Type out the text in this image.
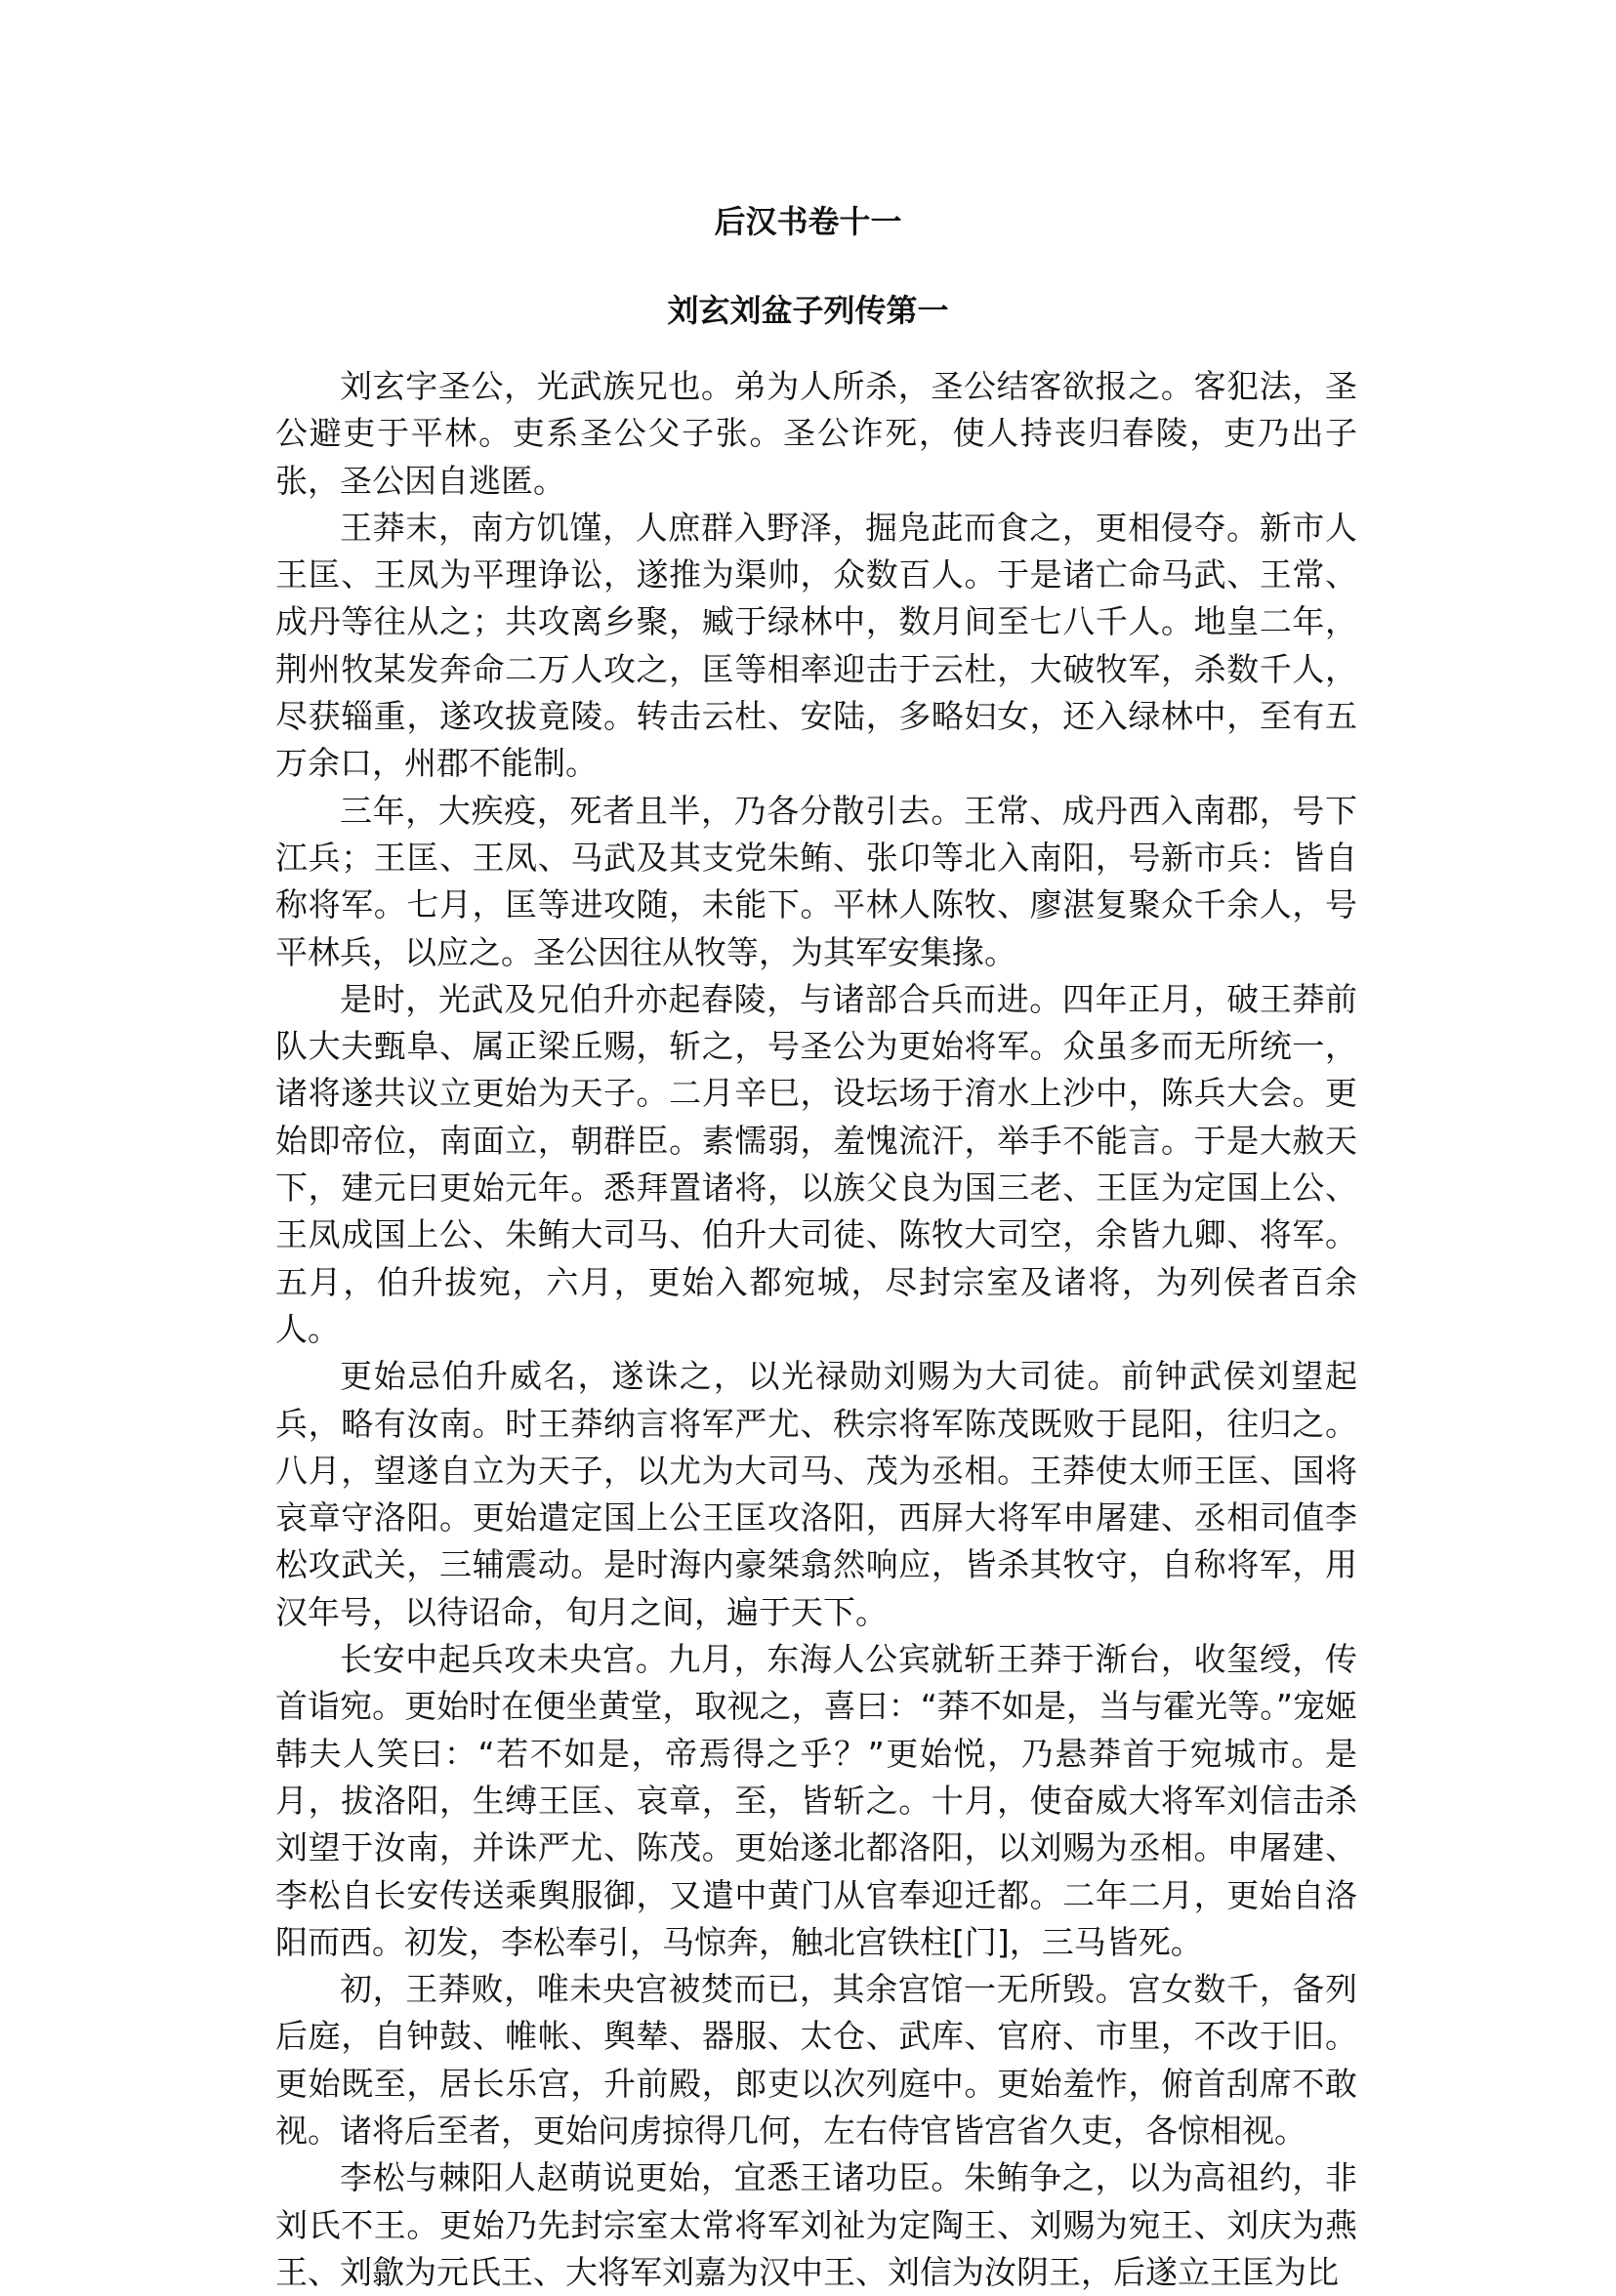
后汉书卷十一
刘玄刘盆子列传第一

刘玄字圣公，光武族兄也。弟为人所杀，圣公结客欲报之。客犯法，圣公避吏于平林。吏系圣公父子张。圣公诈死，使人持丧归春陵，吏乃出子张，圣公因自逃匿。

王莽末，南方饥馑，人庶群入野泽，掘凫茈而食之，更相侵夺。新市人王匡、王凤为平理诤讼，遂推为渠帅，众数百人。于是诸亡命马武、王常、成丹等往从之；共攻离乡聚，臧于绿林中，数月间至七八千人。地皇二年，荆州牧某发奔命二万人攻之，匡等相率迎击于云杜，大破牧军，杀数千人，尽获辎重，遂攻拔竟陵。转击云杜、安陆，多略妇女，还入绿林中，至有五万余口，州郡不能制。

三年，大疾疫，死者且半，乃各分散引去。王常、成丹西入南郡，号下江兵；王匡、王凤、马武及其支党朱鲔、张卬等北入南阳，号新市兵：皆自称将军。七月，匡等进攻随，未能下。平林人陈牧、廖湛复聚众千余人，号平林兵，以应之。圣公因往从牧等，为其军安集掾。

是时，光武及兄伯升亦起舂陵，与诸部合兵而进。四年正月，破王莽前队大夫甄阜、属正梁丘赐，斩之，号圣公为更始将军。众虽多而无所统一，诸将遂共议立更始为天子。二月辛巳，设坛场于淯水上沙中，陈兵大会。更始即帝位，南面立，朝群臣。素懦弱，羞愧流汗，举手不能言。于是大赦天下，建元曰更始元年。悉拜置诸将，以族父良为国三老、王匡为定国上公、王凤成国上公、朱鲔大司马、伯升大司徒、陈牧大司空，余皆九卿、将军。五月，伯升拔宛，六月，更始入都宛城，尽封宗室及诸将，为列侯者百余人。

更始忌伯升威名，遂诛之，以光禄勋刘赐为大司徒。前钟武侯刘望起兵，略有汝南。时王莽纳言将军严尤、秩宗将军陈茂既败于昆阳，往归之。八月，望遂自立为天子，以尤为大司马、茂为丞相。王莽使太师王匡、国将哀章守洛阳。更始遣定国上公王匡攻洛阳，西屏大将军申屠建、丞相司值李松攻武关，三辅震动。是时海内豪桀翕然响应，皆杀其牧守，自称将军，用汉年号，以待诏命，旬月之间，遍于天下。

长安中起兵攻未央宫。九月，东海人公宾就斩王莽于渐台，收玺绶，传首诣宛。更始时在便坐黄堂，取视之，喜曰：“莽不如是，当与霍光等。”宠姬韩夫人笑曰：“若不如是，帝焉得之乎？”更始悦，乃悬莽首于宛城市。是月，拔洛阳，生缚王匡、哀章，至，皆斩之。十月，使奋威大将军刘信击杀刘望于汝南，并诛严尤、陈茂。更始遂北都洛阳，以刘赐为丞相。申屠建、李松自长安传送乘舆服御，又遣中黄门从官奉迎迁都。二年二月，更始自洛阳而西。初发，李松奉引，马惊奔，触北宫铁柱[门]，三马皆死。

初，王莽败，唯未央宫被焚而已，其余宫馆一无所毁。宫女数千，备列后庭，自钟鼓、帷帐、舆辇、器服、太仓、武库、官府、市里，不改于旧。更始既至，居长乐宫，升前殿，郎吏以次列庭中。更始羞怍，俯首刮席不敢视。诸将后至者，更始问虏掠得几何，左右侍官皆宫省久吏，各惊相视。

李松与棘阳人赵萌说更始，宜悉王诸功臣。朱鲔争之，以为高祖约，非刘氏不王。更始乃先封宗室太常将军刘祉为定陶王、刘赐为宛王、刘庆为燕王、刘歙为元氏王、大将军刘嘉为汉中王、刘信为汝阴王，后遂立王匡为比
